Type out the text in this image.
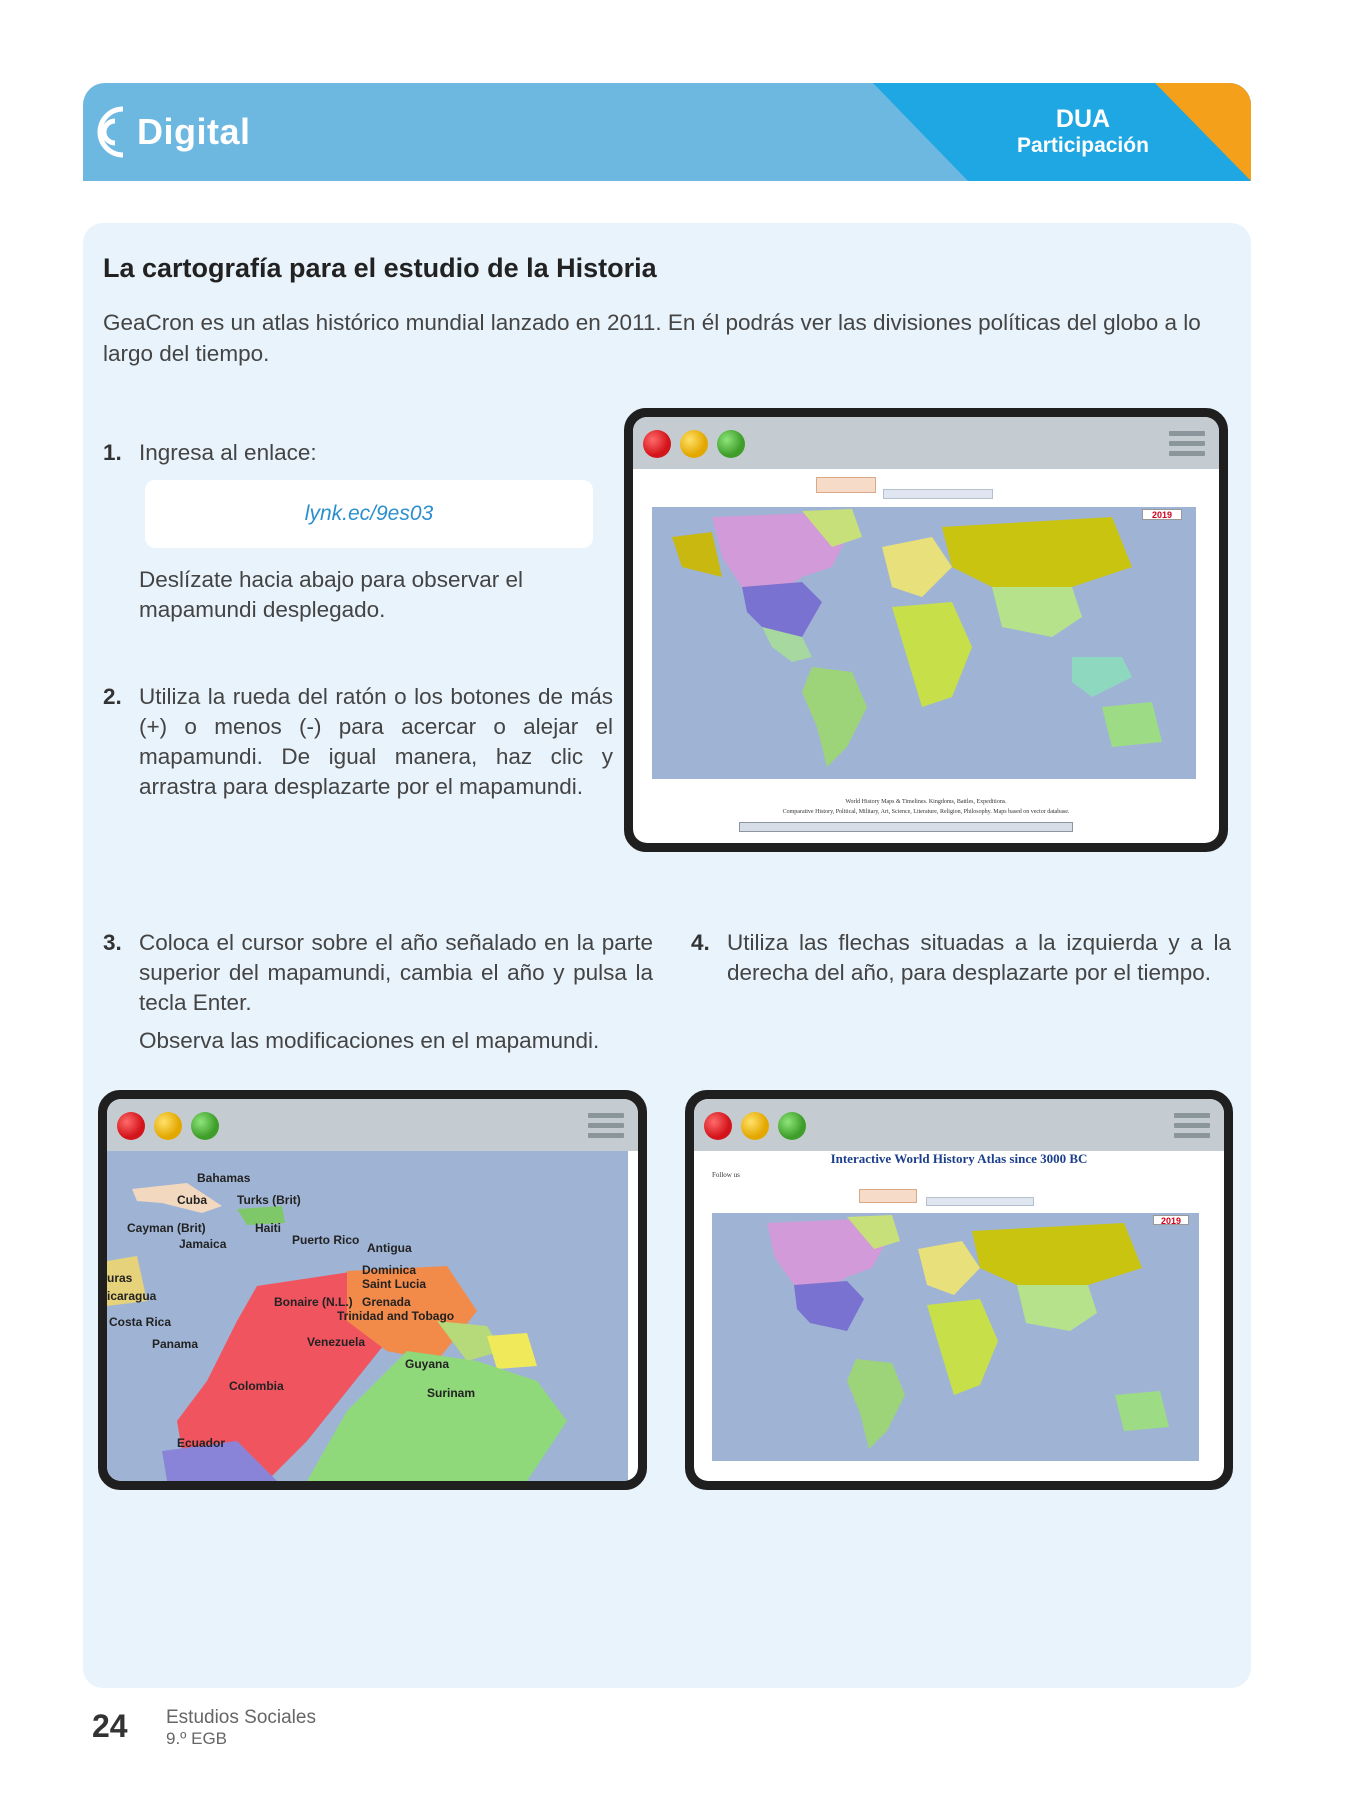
Digital	DUA
Participación
La cartografía para el estudio de la Historia
GeaCron es un atlas histórico mundial lanzado en 2011. En él podrás ver las divisiones políticas del globo a lo largo del tiempo.
1. Ingresa al enlace:

lynk.ec/9es03

Deslízate hacia abajo para observar el mapamundi desplegado.

2. Utiliza la rueda del ratón o los botones de más (+) o menos (-) para acercar o alejar el mapamundi. De igual manera, haz clic y arrastra para desplazarte por el mapamundi.

3. Coloca el cursor sobre el año señalado en la parte superior del mapamundi, cambia el año y pulsa la tecla Enter.

Observa las modificaciones en el mapamundi.

4. Utiliza las flechas situadas a la izquierda y a la derecha del año, para desplazarte por el tiempo.

2019
World History Maps & Timelines. Kingdoms, Battles, Expeditions.
Comparative History, Political, Military, Art, Science, Literature, Religion, Philosophy. Maps based on vector database.
Bahamas
Cuba	Turks (Brit)
Cayman (Brit)	Haiti
Jamaica	Puerto Rico
Antigua
Dominica
Saint Lucia
uras
icaragua	Bonaire (N.L.) Grenada
Trinidad and Tobago
Costa Rica
Panama	Venezuela
Guyana
Surinam
Colombia
Ecuador
Interactive World History Atlas since 3000 BC
Follow us
2019
24 Estudios Sociales
9.º EGB
